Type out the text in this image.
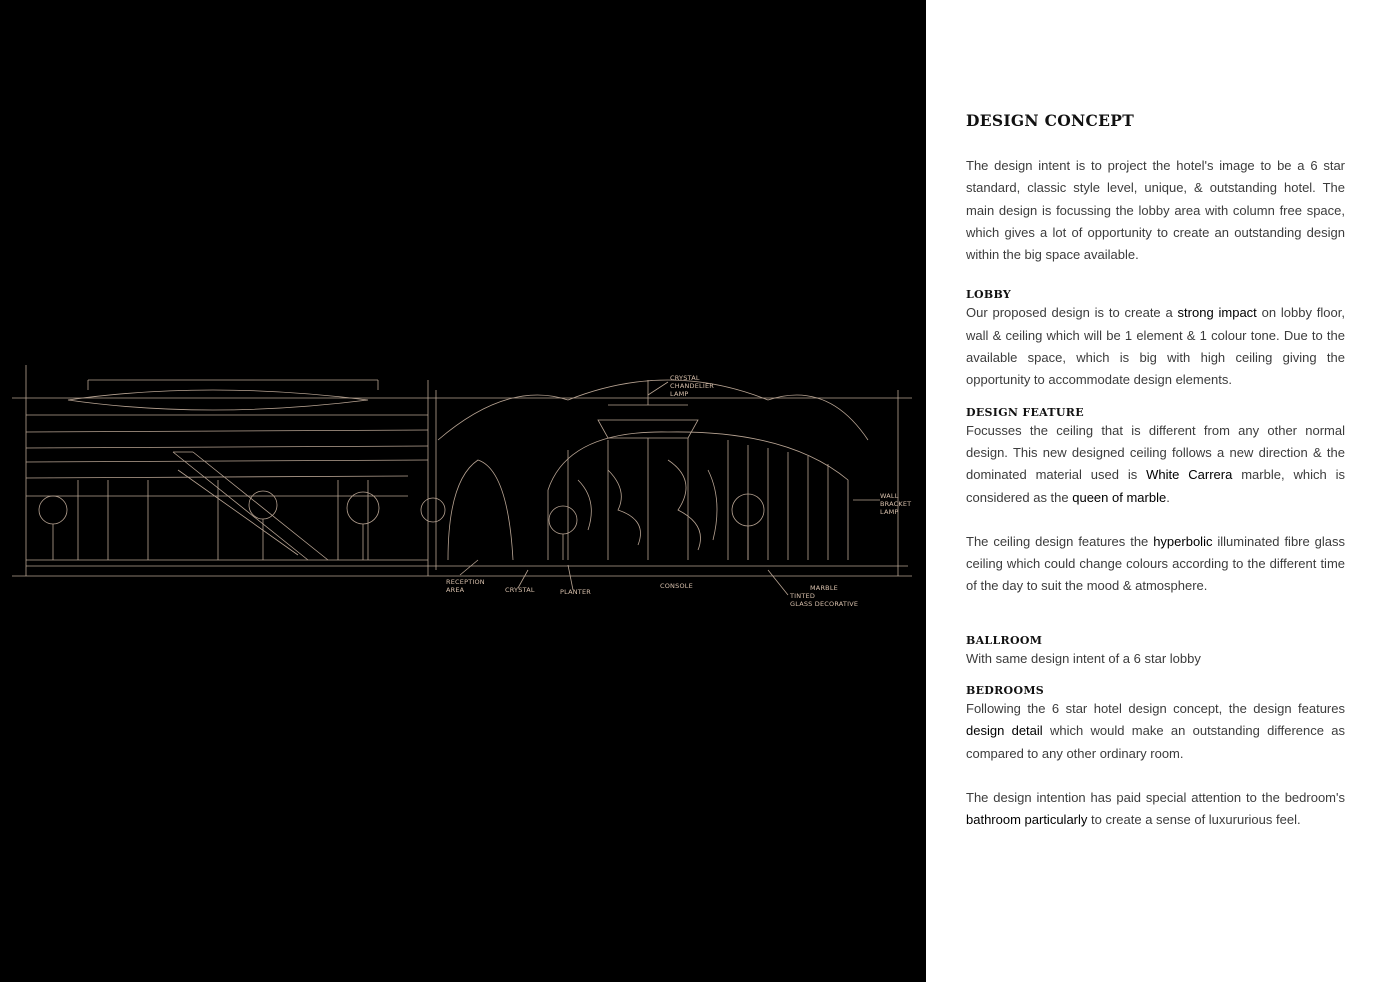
CRYSTAL
CHANDELIER
LAMP
WALL
BRACKET
LAMP
RECEPTION
AREA	CRYSTAL	PLANTER
CONSOLE	MARBLE
TINTED
GLASS DECORATIVE
DESIGN CONCEPT

The design intent is to project the hotel's image to be a 6 star standard, classic style level, unique, & outstanding hotel. The main design is focussing the lobby area with column free space, which gives a lot of opportunity to create an outstanding design within the big space available.

LOBBY

Our proposed design is to create a strong impact on lobby floor, wall & ceiling which will be 1 element & 1 colour tone. Due to the available space, which is big with high ceiling giving the opportunity to accommodate design elements.

DESIGN FEATURE

Focusses the ceiling that is different from any other normal design. This new designed ceiling follows a new direction & the dominated material used is White Carrera marble, which is considered as the queen of marble.

The ceiling design features the hyperbolic illuminated fibre glass ceiling which could change colours according to the different time of the day to suit the mood & atmosphere.

BALLROOM

With same design intent of a 6 star lobby

BEDROOMS

Following the 6 star hotel design concept, the design features design detail which would make an outstanding difference as compared to any other ordinary room.

The design intention has paid special attention to the bedroom's bathroom particularly to create a sense of luxururious feel.
